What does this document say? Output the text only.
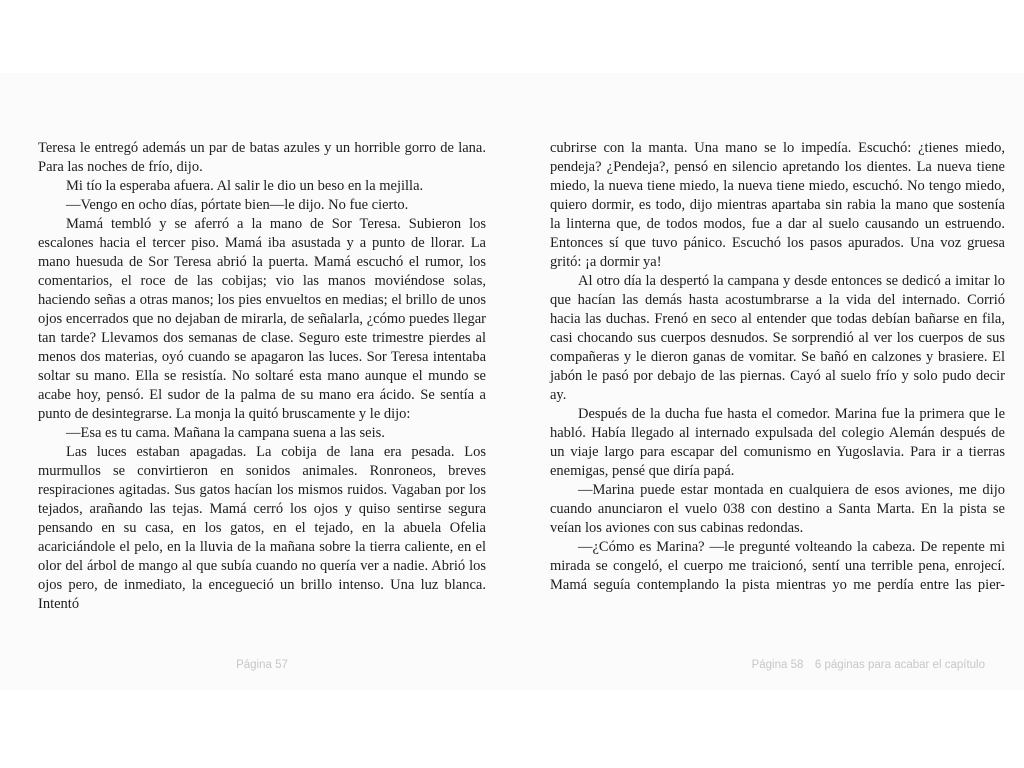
Teresa le entregó además un par de batas azules y un horrible gorro de lana. Para las noches de frío, dijo.

Mi tío la esperaba afuera. Al salir le dio un beso en la mejilla.

—Vengo en ocho días, pórtate bien—le dijo. No fue cierto.

Mamá tembló y se aferró a la mano de Sor Teresa. Subieron los escalones hacia el tercer piso. Mamá iba asustada y a punto de llorar. La mano huesuda de Sor Teresa abrió la puerta. Mamá escuchó el rumor, los comentarios, el roce de las cobijas; vio las manos moviéndose solas, haciendo señas a otras manos; los pies envueltos en medias; el brillo de unos ojos encerrados que no dejaban de mirarla, de señalarla, ¿cómo puedes llegar tan tarde? Llevamos dos semanas de clase. Seguro este trimestre pierdes al menos dos materias, oyó cuando se apagaron las luces. Sor Teresa intentaba soltar su mano. Ella se resistía. No soltaré esta mano aunque el mundo se acabe hoy, pensó. El sudor de la palma de su mano era ácido. Se sentía a punto de desintegrarse. La monja la quitó bruscamente y le dijo:

—Esa es tu cama. Mañana la campana suena a las seis.

Las luces estaban apagadas. La cobija de lana era pesada. Los murmullos se convirtieron en sonidos animales. Ronroneos, breves respiraciones agitadas. Sus gatos hacían los mismos ruidos. Vagaban por los tejados, arañando las tejas. Mamá cerró los ojos y quiso sentirse segura pensando en su casa, en los gatos, en el tejado, en la abuela Ofelia acariciándole el pelo, en la lluvia de la mañana sobre la tierra caliente, en el olor del árbol de mango al que subía cuando no quería ver a nadie. Abrió los ojos pero, de inmediato, la encegueció un brillo intenso. Una luz blanca. Intentó

cubrirse con la manta. Una mano se lo impedía. Escuchó: ¿tienes miedo, pendeja? ¿Pendeja?, pensó en silencio apretando los dientes. La nueva tiene miedo, la nueva tiene miedo, la nueva tiene miedo, escuchó. No tengo miedo, quiero dormir, es todo, dijo mientras apartaba sin rabia la mano que sostenía la linterna que, de todos modos, fue a dar al suelo causando un estruendo. Entonces sí que tuvo pánico. Escuchó los pasos apurados. Una voz gruesa gritó: ¡a dormir ya!

Al otro día la despertó la campana y desde entonces se dedicó a imitar lo que hacían las demás hasta acostumbrarse a la vida del internado. Corrió hacia las duchas. Frenó en seco al entender que todas debían bañarse en fila, casi chocando sus cuerpos desnudos. Se sorprendió al ver los cuerpos de sus compañeras y le dieron ganas de vomitar. Se bañó en calzones y brasiere. El jabón le pasó por debajo de las piernas. Cayó al suelo frío y solo pudo decir ay.

Después de la ducha fue hasta el comedor. Marina fue la primera que le habló. Había llegado al internado expulsada del colegio Alemán después de un viaje largo para escapar del comunismo en Yugoslavia. Para ir a tierras enemigas, pensé que diría papá.

—Marina puede estar montada en cualquiera de esos aviones, me dijo cuando anunciaron el vuelo 038 con destino a Santa Marta. En la pista se veían los aviones con sus cabinas redondas.

—¿Cómo es Marina? —le pregunté volteando la cabeza. De repente mi mirada se congeló, el cuerpo me traicionó, sentí una terrible pena, enrojecí. Mamá seguía contemplando la pista mientras yo me perdía entre las pier-

Página 57	Página 58	6 páginas para acabar el capítulo
